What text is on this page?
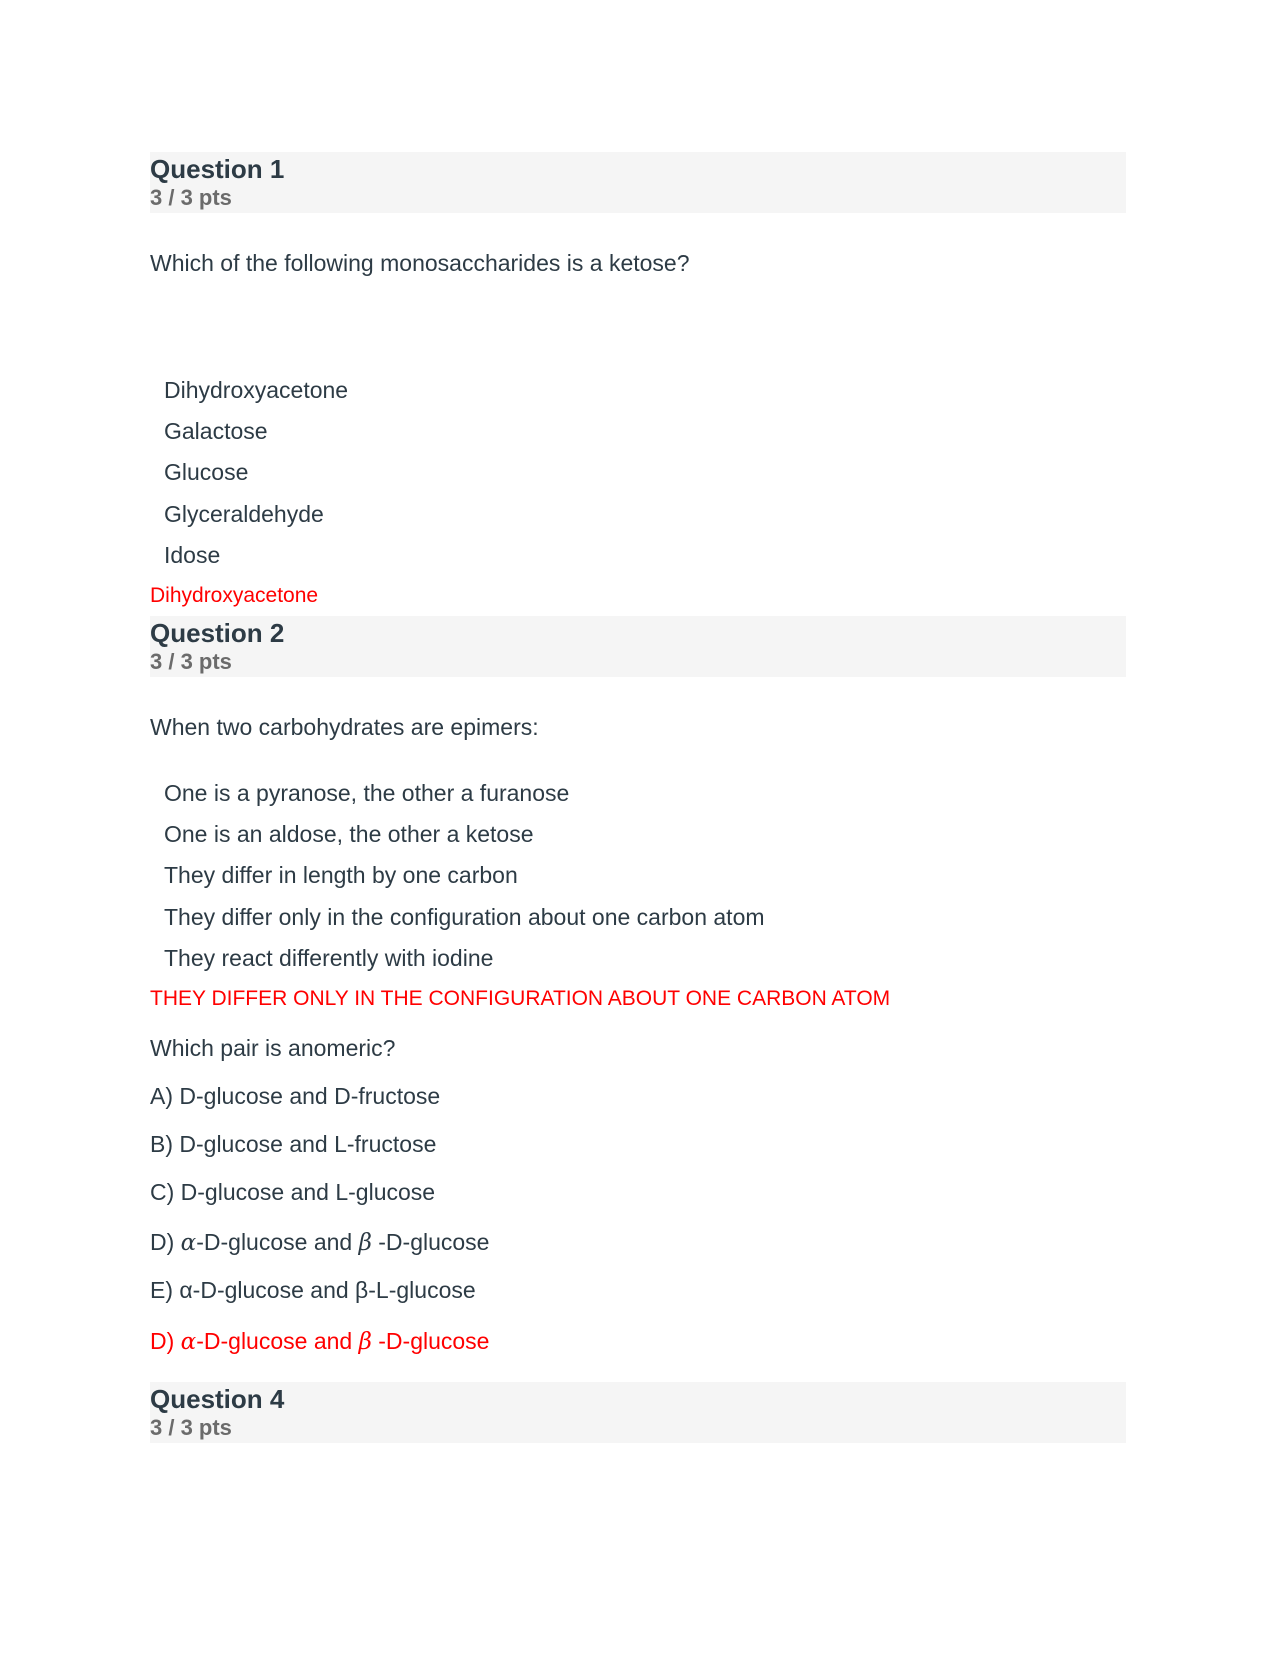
Question 1
3 / 3 pts
Which of the following monosaccharides is a ketose?
Dihydroxyacetone
Galactose
Glucose
Glyceraldehyde
Idose
Dihydroxyacetone
Question 2
3 / 3 pts
When two carbohydrates are epimers:
One is a pyranose, the other a furanose
One is an aldose, the other a ketose
They differ in length by one carbon
They differ only in the configuration about one carbon atom
They react differently with iodine
THEY DIFFER ONLY IN THE CONFIGURATION ABOUT ONE CARBON ATOM
Which pair is anomeric?
A) D-glucose and D-fructose
B) D-glucose and L-fructose
C) D-glucose and L-glucose
D) α-D-glucose and β -D-glucose
E) α-D-glucose and β-L-glucose
D) α-D-glucose and β -D-glucose
Question 4
3 / 3 pts
